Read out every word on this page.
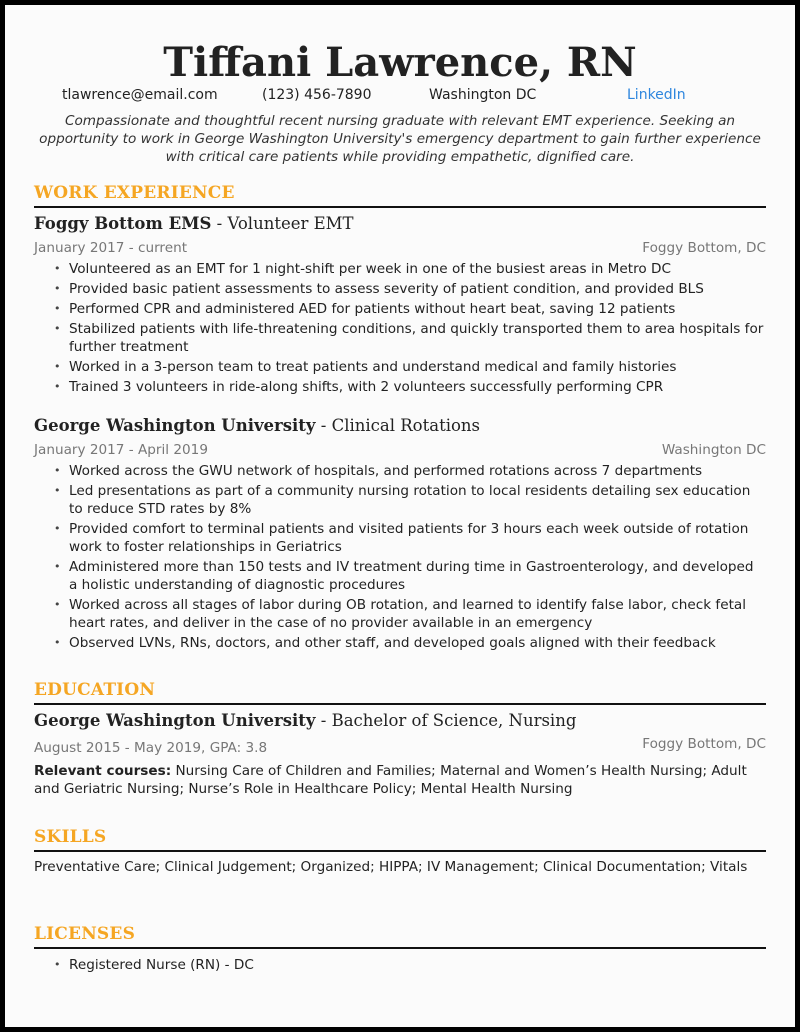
Tiffani Lawrence, RN
tlawrence@email.com	(123) 456-7890	Washington DC	LinkedIn
Compassionate and thoughtful recent nursing graduate with relevant EMT experience. Seeking an opportunity to work in George Washington University's emergency department to gain further experience with critical care patients while providing empathetic, dignified care.
WORK EXPERIENCE
Foggy Bottom EMS - Volunteer EMT
January 2017 - current	Foggy Bottom, DC
• Volunteered as an EMT for 1 night-shift per week in one of the busiest areas in Metro DC
• Provided basic patient assessments to assess severity of patient condition, and provided BLS
• Performed CPR and administered AED for patients without heart beat, saving 12 patients
• Stabilized patients with life-threatening conditions, and quickly transported them to area hospitals for further treatment
• Worked in a 3-person team to treat patients and understand medical and family histories
• Trained 3 volunteers in ride-along shifts, with 2 volunteers successfully performing CPR
George Washington University - Clinical Rotations
January 2017 - April 2019	Washington DC
• Worked across the GWU network of hospitals, and performed rotations across 7 departments
• Led presentations as part of a community nursing rotation to local residents detailing sex education to reduce STD rates by 8%
• Provided comfort to terminal patients and visited patients for 3 hours each week outside of rotation work to foster relationships in Geriatrics
• Administered more than 150 tests and IV treatment during time in Gastroenterology, and developed a holistic understanding of diagnostic procedures
• Worked across all stages of labor during OB rotation, and learned to identify false labor, check fetal heart rates, and deliver in the case of no provider available in an emergency
• Observed LVNs, RNs, doctors, and other staff, and developed goals aligned with their feedback
EDUCATION
George Washington University - Bachelor of Science, Nursing
August 2015 - May 2019, GPA: 3.8	Foggy Bottom, DC
Relevant courses: Nursing Care of Children and Families; Maternal and Women’s Health Nursing; Adult and Geriatric Nursing; Nurse’s Role in Healthcare Policy; Mental Health Nursing
SKILLS
Preventative Care; Clinical Judgement; Organized; HIPPA; IV Management; Clinical Documentation; Vitals
LICENSES
• Registered Nurse (RN) - DC
